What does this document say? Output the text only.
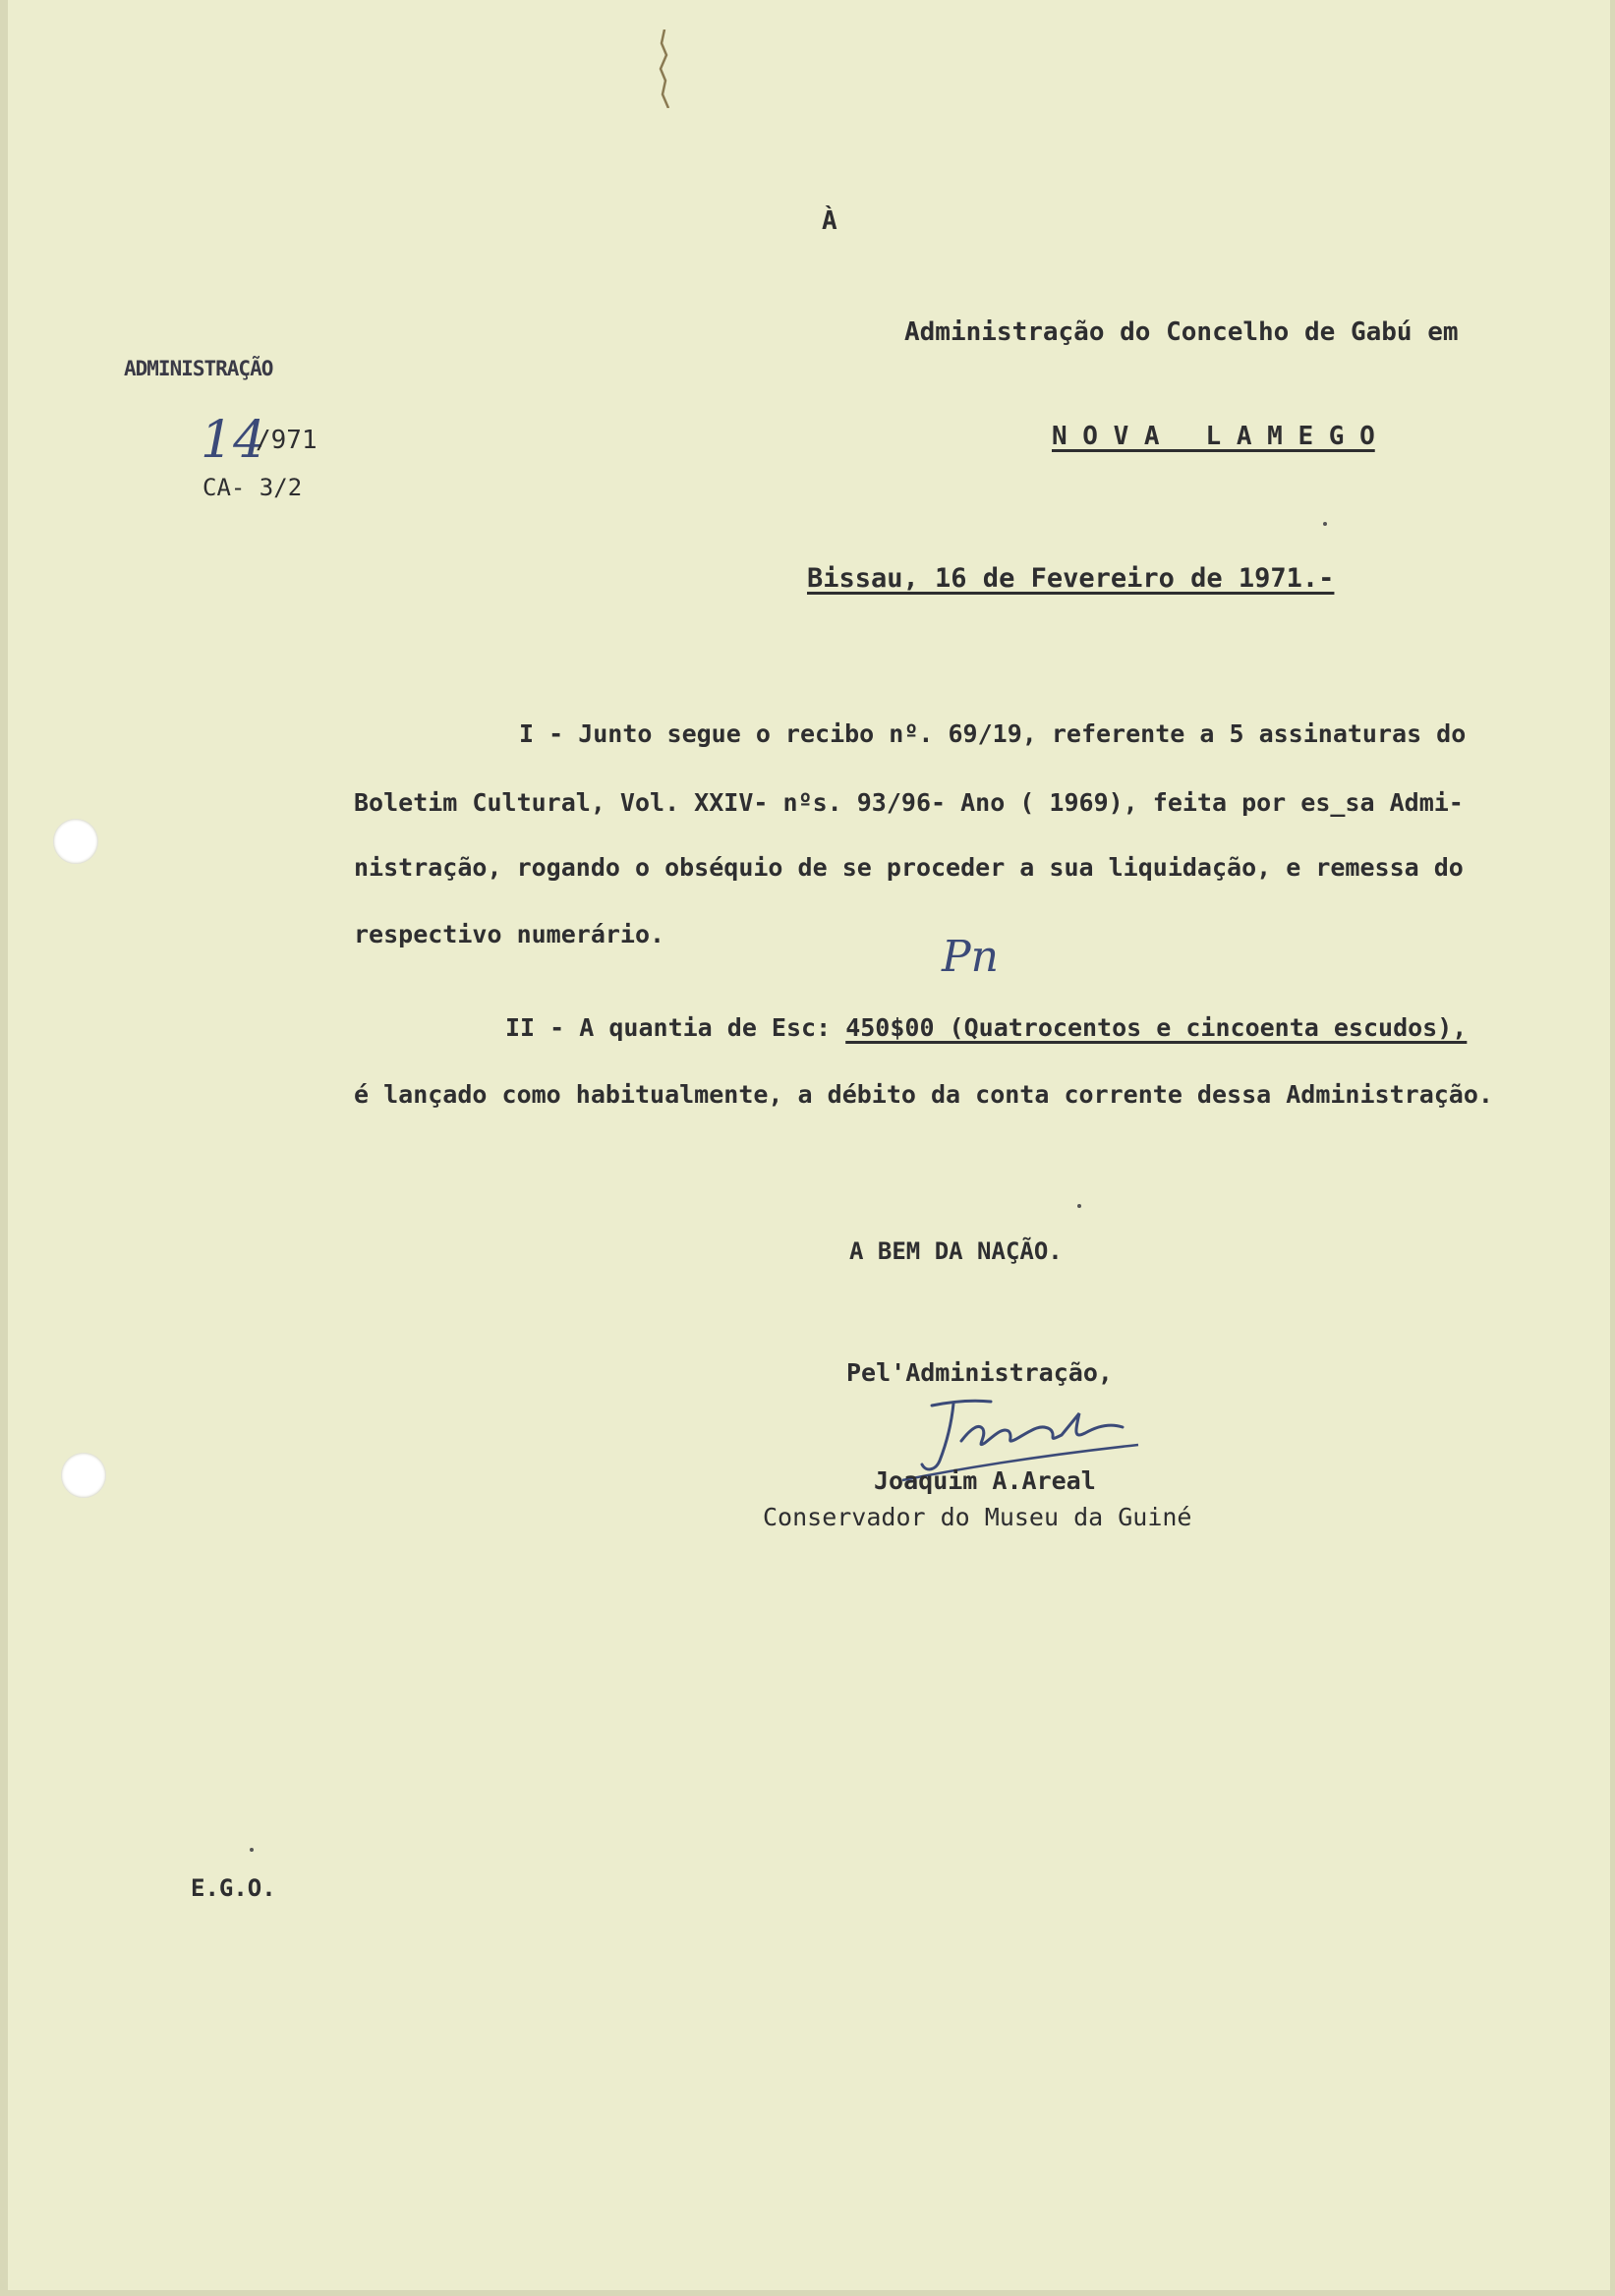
À
Administração do Concelho de Gabú em
N O V A   L A M E G O
ADMINISTRAÇÃO
14
/971
CA- 3/2
Bissau, 16 de Fevereiro de 1971.-
I - Junto segue o recibo nº. 69/19, referente a 5 assinaturas do
Boletim Cultural, Vol. XXIV- nºs. 93/96- Ano ( 1969), feita por es_sa Admi-
nistração, rogando o obséquio de se proceder a sua liquidação, e remessa do
respectivo numerário.	Pn
II - A quantia de Esc: 450$00 (Quatrocentos e cincoenta escudos),
é lançado como habitualmente, a débito da conta corrente dessa Administração.
A BEM DA NAÇÃO.
Pel'Administração,
Joaquim A.Areal
Conservador do Museu da Guiné
E.G.O.
